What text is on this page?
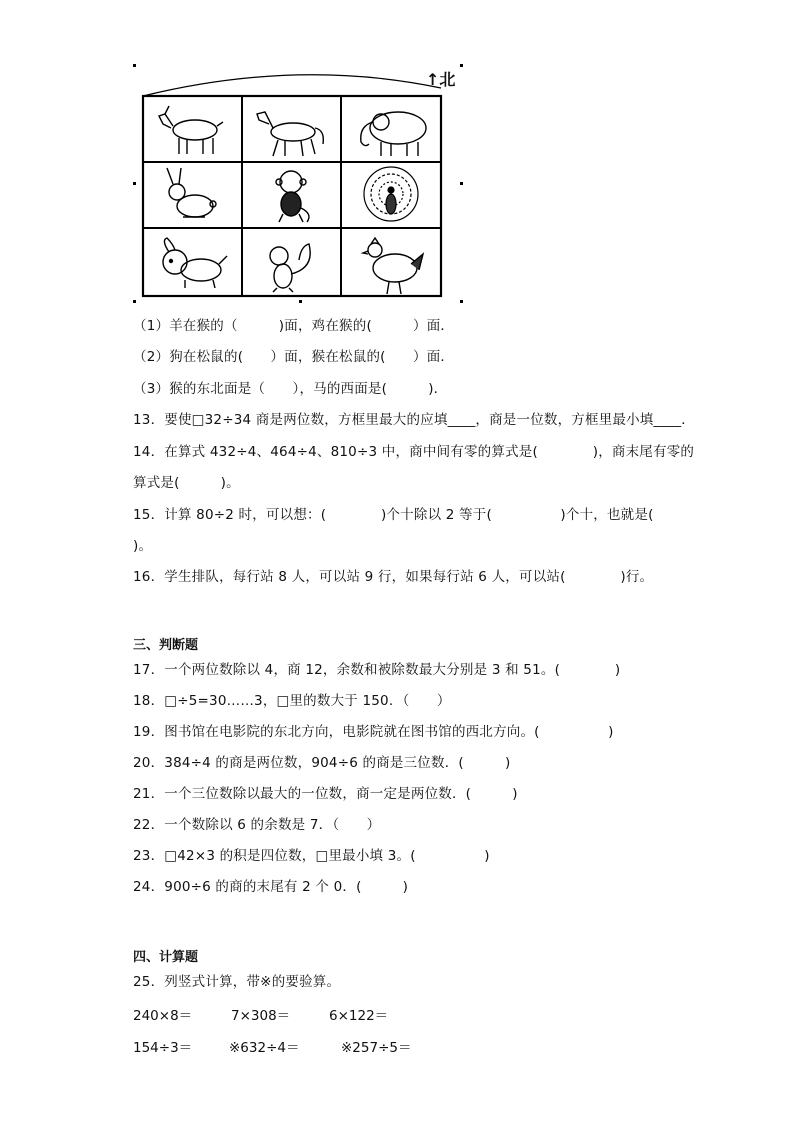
↑北
（1）羊在猴的（　　　)面，鸡在猴的(　　　）面．
（2）狗在松鼠的(　　）面，猴在松鼠的(　　）面．
（3）猴的东北面是（　　），马的西面是(　　　)．
13．要使□32÷34 商是两位数，方框里最大的应填____，商是一位数，方框里最小填____．
14．在算式 432÷4、464÷4、810÷3 中，商中间有零的算式是(　　　　)，商末尾有零的
算式是(　　　)。
15．计算 80÷2 时，可以想：(　　　　)个十除以 2 等于(　　　　　)个十，也就是(
)。
16．学生排队，每行站 8 人，可以站 9 行，如果每行站 6 人，可以站(　　　　)行。
三、判断题
17．一个两位数除以 4，商 12，余数和被除数最大分别是 3 和 51。(　　　　)
18．□÷5=30……3，□里的数大于 150．（　　）
19．图书馆在电影院的东北方向，电影院就在图书馆的西北方向。(　　　　　)
20．384÷4 的商是两位数，904÷6 的商是三位数．(　　　)
21．一个三位数除以最大的一位数，商一定是两位数．(　　　)
22．一个数除以 6 的余数是 7．（　　）
23．□42×3 的积是四位数，□里最小填 3。(　　　　　)
24．900÷6 的商的末尾有 2 个 0．(　　　)
四、计算题
25．列竖式计算，带※的要验算。
240×8＝	7×308＝	6×122＝
154÷3＝	※632÷4＝	※257÷5＝
